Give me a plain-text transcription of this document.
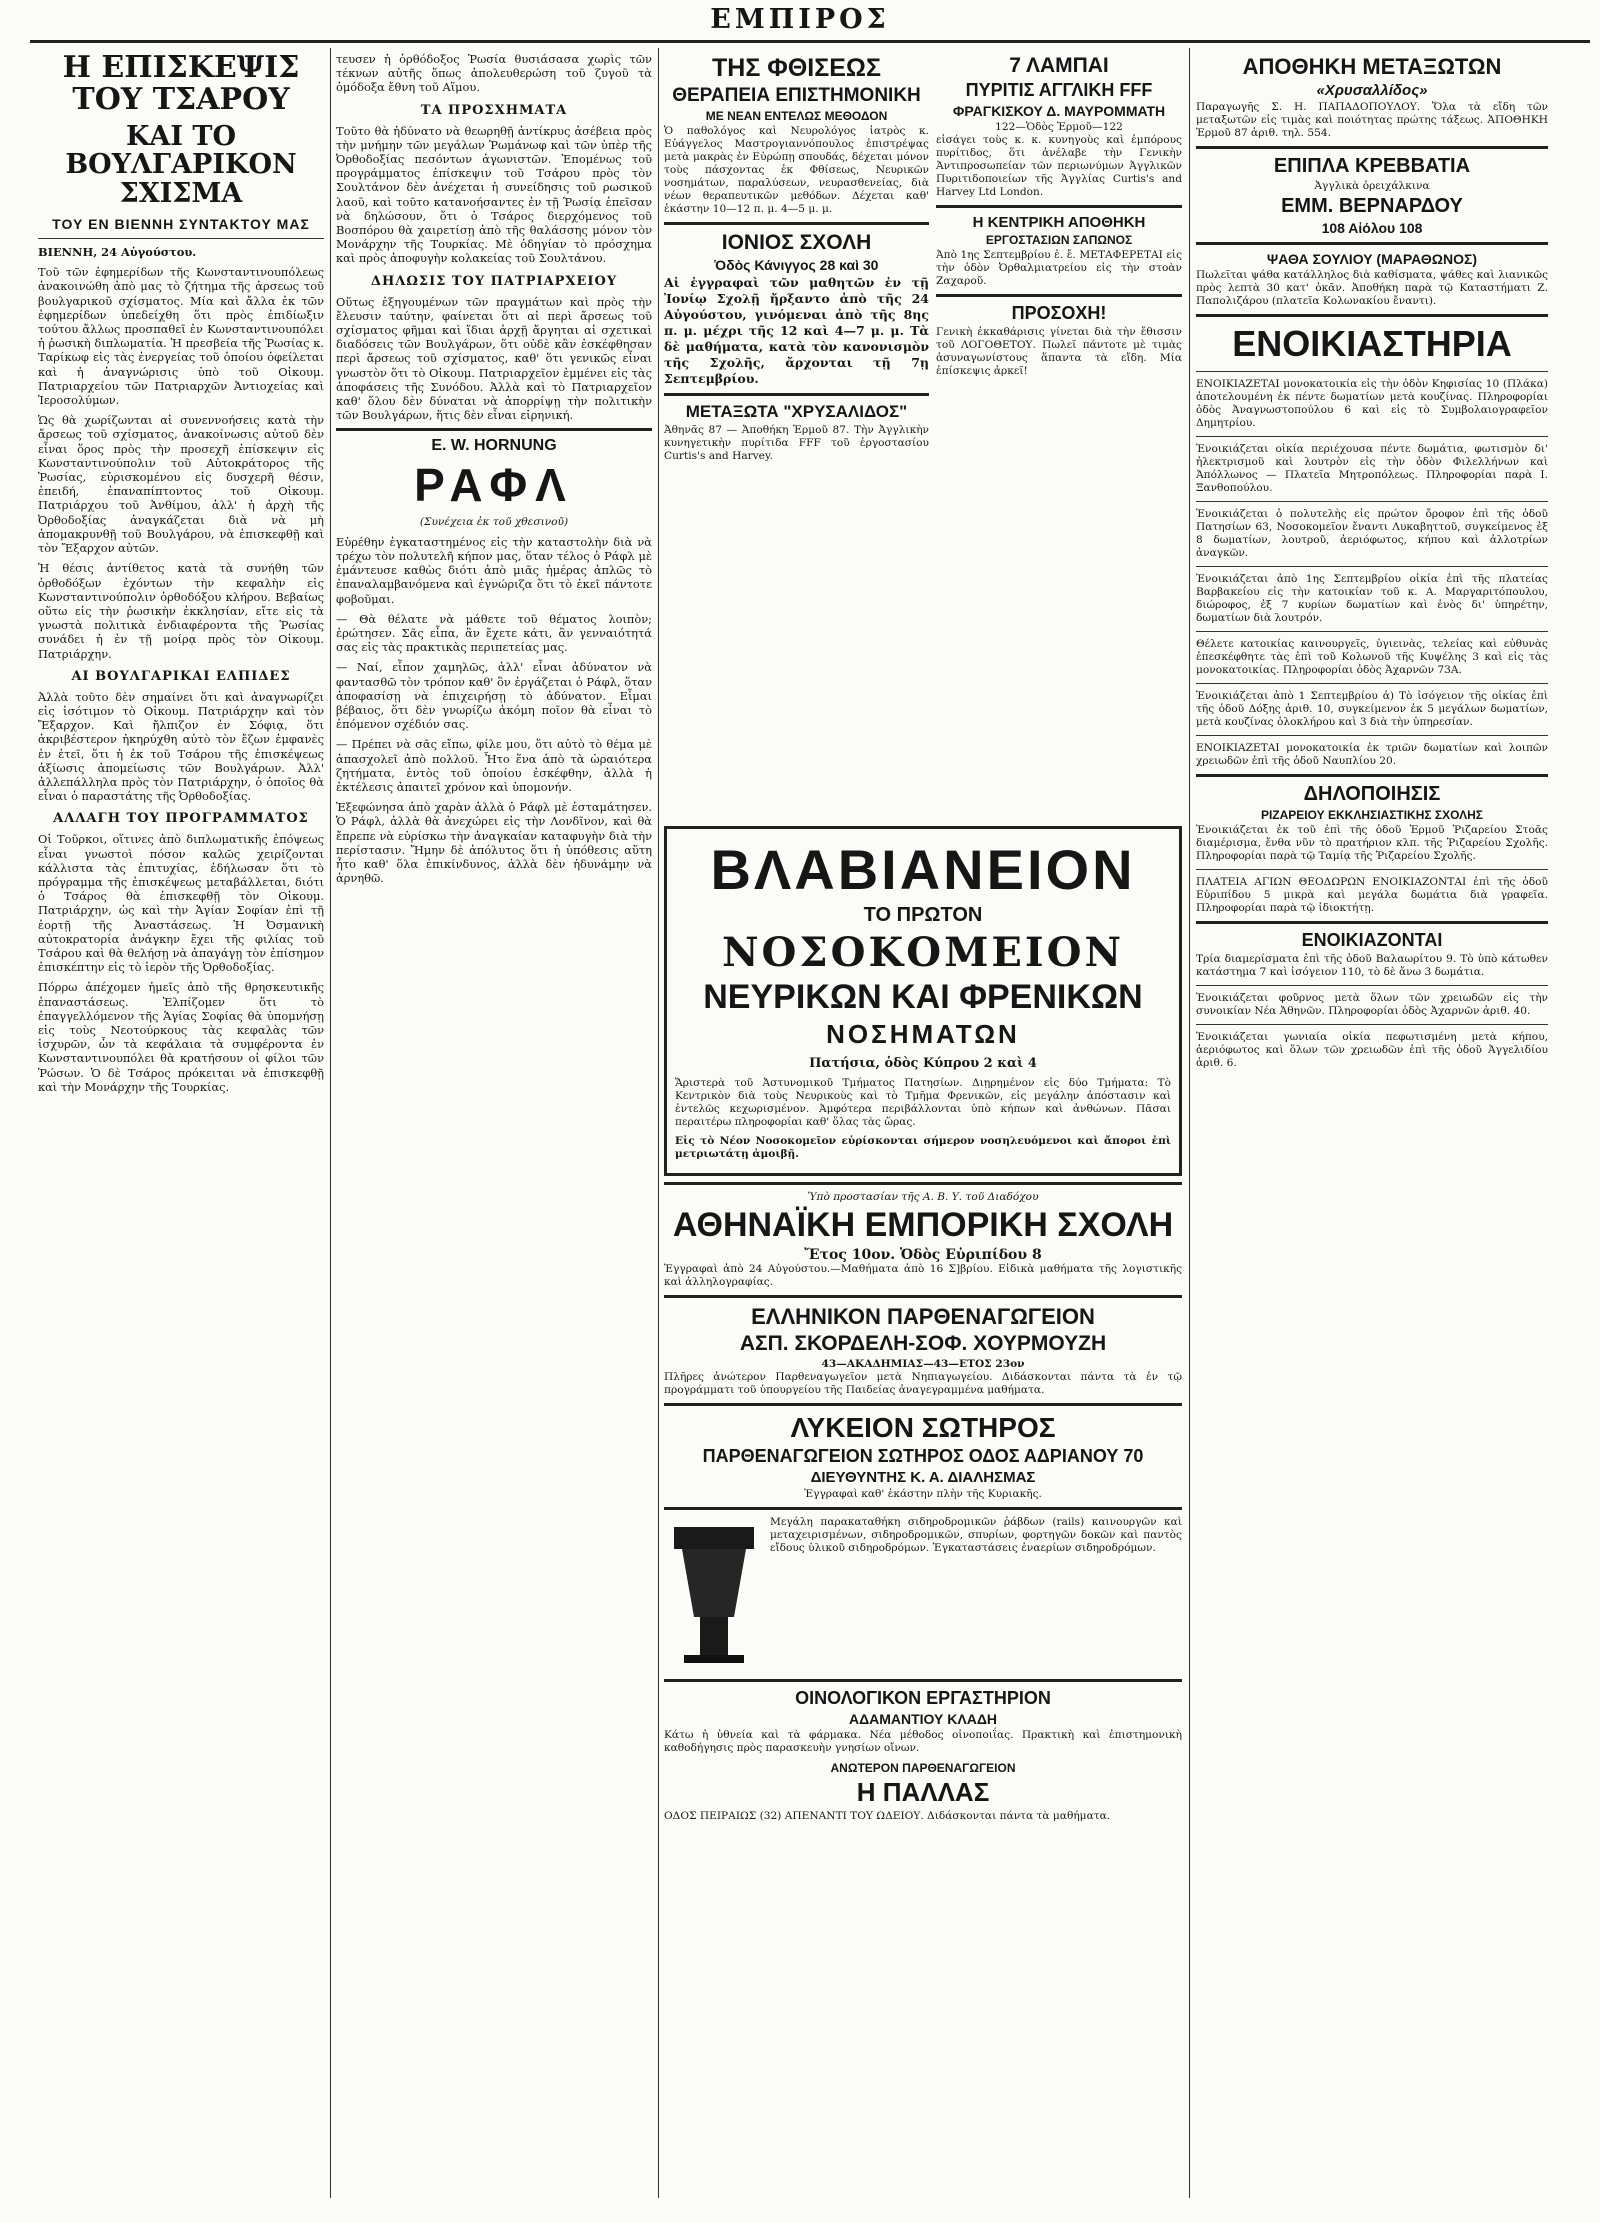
ΕΜΠΙΡΟΣ
Η ΕΠΙΣΚΕΨΙΣ ΤΟΥ ΤΣΑΡΟΥ
ΚΑΙ ΤΟ ΒΟΥΛΓΑΡΙΚΟΝ ΣΧΙΣΜΑ
ΤΟΥ ΕΝ ΒΙΕΝΝΗ ΣΥΝΤΑΚΤΟΥ ΜΑΣ

ΒΙΕΝΝΗ, 24 Αὐγούστου.

Τοῦ τῶν ἐφημερίδων τῆς Κωνσταντινουπόλεως ἀνακοινώθη ἀπὸ μας τὸ ζήτημα τῆς ἀρσεως τοῦ βουλγαρικοῦ σχίσματος. Μία καὶ ἄλλα ἐκ τῶν ἐφημερίδων ὑπεδείχθη ὅτι πρὸς ἐπιδίωξιν τούτου ἄλλως προσπαθεῖ ἐν Κωνσταντινουπόλει ἡ ῥωσικὴ διπλωματία. Ἡ πρεσβεία τῆς Ῥωσίας κ. Ταρίκωφ εἰς τὰς ἐνεργείας τοῦ ὁποίου ὀφείλεται καὶ ἡ ἀναγνώρισις ὑπὸ τοῦ Οἰκουμ. Πατριαρχείου τῶν Πατριαρχῶν Ἀντιοχείας καὶ Ἱεροσολύμων.

Ὡς θὰ χωρίζωνται αἱ συνεννοήσεις κατὰ τὴν ἄρσεως τοῦ σχίσματος, ἀνακοίνωσις αὐτοῦ δὲν εἶναι ὅρος πρὸς τὴν προσεχῆ ἐπίσκεψιν εἰς Κωνσταντινούπολιν τοῦ Αὐτοκράτορος τῆς Ῥωσίας, εὑρισκομένου εἰς δυσχερῆ θέσιν, ἐπειδή, ἐπαναπίπτοντος τοῦ Οἰκουμ. Πατριάρχου τοῦ Ἀνθίμου, ἀλλ' ἡ ἀρχὴ τῆς Ὀρθοδοξίας ἀναγκάζεται διὰ νὰ μὴ ἀπομακρυνθῇ τοῦ Βουλγάρου, νὰ ἐπισκεφθῇ καὶ τὸν Ἔξαρχον αὐτῶν.

Ἡ θέσις ἀντίθετος κατὰ τὰ συνήθη τῶν ὀρθοδόξων ἐχόντων τὴν κεφαλὴν εἰς Κωνσταντινούπολιν ὀρθοδόξου κλήρου. Βεβαίως οὕτω εἰς τὴν ῥωσικὴν ἐκκλησίαν, εἴτε εἰς τὰ γνωστὰ πολιτικὰ ἐνδιαφέροντα τῆς Ῥωσίας συνάδει ἡ ἐν τῇ μοίρᾳ πρὸς τὸν Οἰκουμ. Πατριάρχην.

ΑΙ ΒΟΥΛΓΑΡΙΚΑΙ ΕΛΠΙΔΕΣ

Ἀλλὰ τοῦτο δὲν σημαίνει ὅτι καὶ ἀναγνωρίζει εἰς ἰσότιμον τὸ Οἰκουμ. Πατριάρχην καὶ τὸν Ἔξαρχον. Καὶ ἤλπιζον ἐν Σόφιᾳ, ὅτι ἀκριβέστερον ἠκηρύχθη αὐτὸ τὸν ἔζων ἐμφανὲς ἐν ἐτεῖ, ὅτι ἡ ἐκ τοῦ Τσάρου τῆς ἐπισκέψεως ἀξίωσις ἀπομείωσις τῶν Βουλγάρων. Ἀλλ' ἀλλεπάλληλα πρὸς τὸν Πατριάρχην, ὁ ὁποῖος θὰ εἶναι ὁ παραστάτης τῆς Ὀρθοδοξίας.

ΑΛΛΑΓΗ ΤΟΥ ΠΡΟΓΡΑΜΜΑΤΟΣ

Οἱ Τοῦρκοι, οἵτινες ἀπὸ διπλωματικῆς ἐπόψεως εἶναι γνωστοὶ πόσον καλῶς χειρίζονται κάλλιστα τὰς ἐπιτυχίας, ἐδήλωσαν ὅτι τὸ πρόγραμμα τῆς ἐπισκέψεως μεταβάλλεται, διότι ὁ Τσάρος θὰ ἐπισκεφθῇ τὸν Οἰκουμ. Πατριάρχην, ὡς καὶ τὴν Ἁγίαν Σοφίαν ἐπὶ τῇ ἑορτῇ τῆς Ἀναστάσεως. Ἡ Ὀσμανικὴ αὐτοκρατορία ἀνάγκην ἔχει τῆς φιλίας τοῦ Τσάρου καὶ θὰ θελήσῃ νὰ ἀπαγάγῃ τὸν ἐπίσημον ἐπισκέπτην εἰς τὸ ἱερὸν τῆς Ὀρθοδοξίας.

Πόρρω ἀπέχομεν ἡμεῖς ἀπὸ τῆς θρησκευτικῆς ἐπαναστάσεως. Ἐλπίζομεν ὅτι τὸ ἐπαγγελλόμενον τῆς Ἁγίας Σοφίας θὰ ὑπομνήσῃ εἰς τοὺς Νεοτούρκους τὰς κεφαλὰς τῶν ἰσχυρῶν, ὧν τὰ κεφάλαια τὰ συμφέροντα ἐν Κωνσταντινουπόλει θὰ κρατήσουν οἱ φίλοι τῶν Ῥώσων. Ὁ δὲ Τσάρος πρόκειται νὰ ἐπισκεφθῇ καὶ τὴν Μονάρχην τῆς Τουρκίας.

τευσεν ἡ ὀρθόδοξος Ῥωσία θυσιάσασα χωρὶς τῶν τέκνων αὐτῆς ὅπως ἀπολευθερώση τοῦ ζυγοῦ τὰ ὁμόδοξα ἔθνη τοῦ Αἵμου.

ΤΑ ΠΡΟΣΧΗΜΑΤΑ

Τοῦτο θὰ ἠδύνατο νὰ θεωρηθῇ ἀντίκρυς ἀσέβεια πρὸς τὴν μνήμην τῶν μεγάλων Ῥωμάνωφ καὶ τῶν ὑπὲρ τῆς Ὀρθοδοξίας πεσόντων ἀγωνιστῶν. Ἐπομένως τοῦ προγράμματος ἐπίσκεψιν τοῦ Τσάρου πρὸς τὸν Σουλτάνον δὲν ἀνέχεται ἡ συνείδησις τοῦ ρωσικοῦ λαοῦ, καὶ τοῦτο κατανοήσαντες ἐν τῇ Ῥωσίᾳ ἐπεῖσαν νὰ δηλώσουν, ὅτι ὁ Τσάρος διερχόμενος τοῦ Βοσπόρου θὰ χαιρετίσῃ ἀπὸ τῆς θαλάσσης μόνον τὸν Μονάρχην τῆς Τουρκίας. Μὲ ὁδηγίαν τὸ πρόσχημα καὶ πρὸς ἀποφυγὴν κολακείας τοῦ Σουλτάνου.

ΔΗΛΩΣΙΣ ΤΟΥ ΠΑΤΡΙΑΡΧΕΙΟΥ

Οὕτως ἐξηγουμένων τῶν πραγμάτων καὶ πρὸς τὴν ἔλευσιν ταύτην, φαίνεται ὅτι αἱ περὶ ἄρσεως τοῦ σχίσματος φῆμαι καὶ ἴδιαι ἀρχῇ ἄργηται αἱ σχετικαὶ διαδόσεις τῶν Βουλγάρων, ὅτι οὐδὲ κἂν ἐσκέφθησαν περὶ ἄρσεως τοῦ σχίσματος, καθ' ὅτι γενικῶς εἶναι γνωστὸν ὅτι τὸ Οἰκουμ. Πατριαρχεῖον ἐμμένει εἰς τὰς ἀποφάσεις τῆς Συνόδου. Ἀλλὰ καὶ τὸ Πατριαρχεῖον καθ' ὅλου δὲν δύναται νὰ ἀπορρίψῃ τὴν πολιτικὴν τῶν Βουλγάρων, ἥτις δὲν εἶναι εἰρηνική.

E. W. HORNUNG
ΡΑΦΛ
(Συνέχεια ἐκ τοῦ χθεσινοῦ)

Εὑρέθην ἐγκαταστημένος εἰς τὴν καταστολὴν διὰ νὰ τρέχω τὸν πολυτελῆ κήπον μας, ὅταν τέλος ὁ Ράφλ μὲ ἐμάντευσε καθὼς διότι ἀπὸ μιᾶς ἡμέρας ἀπλῶς τὸ ἐπαναλαμβανόμενα καὶ ἐγνώριζα ὅτι τὸ ἐκεῖ πάντοτε φοβοῦμαι.

— Θὰ θέλατε νὰ μάθετε τοῦ θέματος λοιπὸν; ἐρώτησεν. Σᾶς εἶπα, ἂν ἔχετε κάτι, ἂν γενναιότητά σας εἰς τὰς πρακτικὰς περιπετείας μας.

— Ναί, εἶπον χαμηλῶς, ἀλλ' εἶναι ἀδύνατον νὰ φαντασθῶ τὸν τρόπον καθ' ὃν ἐργάζεται ὁ Ράφλ, ὅταν ἀποφασίσῃ νὰ ἐπιχειρήσῃ τὸ ἀδύνατον. Εἶμαι βέβαιος, ὅτι δὲν γνωρίζω ἀκόμη ποῖον θὰ εἶναι τὸ ἑπόμενον σχέδιόν σας.

— Πρέπει νὰ σᾶς εἴπω, φίλε μου, ὅτι αὐτὸ τὸ θέμα μὲ ἀπασχολεῖ ἀπὸ πολλοῦ. Ἦτο ἕνα ἀπὸ τὰ ὡραιότερα ζητήματα, ἐντὸς τοῦ ὁποίου ἐσκέφθην, ἀλλὰ ἡ ἐκτέλεσις ἀπαιτεῖ χρόνον καὶ ὑπομονήν.

Ἐξεφώνησα ἀπὸ χαρὰν ἀλλὰ ὁ Ράφλ μὲ ἐσταμάτησεν. Ὁ Ράφλ, ἀλλὰ θὰ ἀνεχώρει εἰς τὴν Λονδῖνον, καὶ θὰ ἔπρεπε νὰ εὑρίσκω τὴν ἀναγκαίαν καταφυγὴν διὰ τὴν περίστασιν. Ἤμην δὲ ἀπόλυτος ὅτι ἡ ὑπόθεσις αὕτη ἦτο καθ' ὅλα ἐπικίνδυνος, ἀλλὰ δὲν ἠδυνάμην νὰ ἀρνηθῶ.

ΤΗΣ ΦΘΙΣΕΩΣ
ΘΕΡΑΠΕΙΑ ΕΠΙΣΤΗΜΟΝΙΚΗ
ΜΕ ΝΕΑΝ ΕΝΤΕΛΩΣ ΜΕΘΟΔΟΝ

Ὁ παθολόγος καὶ Νευρολόγος ἰατρὸς κ. Εὐάγγελος Μαστρογιαννόπουλος ἐπιστρέψας μετὰ μακρὰς ἐν Εὐρώπῃ σπουδάς, δέχεται μόνον τοὺς πάσχοντας ἐκ Φθίσεως, Νευρικῶν νοσημάτων, παραλύσεων, νευρασθενείας, διὰ νέων θεραπευτικῶν μεθόδων. Δέχεται καθ' ἑκάστην 10—12 π. μ. 4—5 μ. μ.

ΙΟΝΙΟΣ ΣΧΟΛΗ
Ὁδὸς Κάνιγγος 28 καὶ 30

Αἱ ἐγγραφαὶ τῶν μαθητῶν ἐν τῇ Ἰονίῳ Σχολῇ ἤρξαντο ἀπὸ τῆς 24 Αὐγούστου, γινόμεναι ἀπὸ τῆς 8ης π. μ. μέχρι τῆς 12 καὶ 4—7 μ. μ. Τὰ δὲ μαθήματα, κατὰ τὸν κανονισμὸν τῆς Σχολῆς, ἄρχονται τῇ 7ῃ Σεπτεμβρίου.

ΜΕΤΑΞΩΤΑ "ΧΡΥΣΑΛΙΔΟΣ"

Ἀθηνᾶς 87 — Ἀποθήκη Ἑρμοῦ 87. Τὴν Ἀγγλικὴν κυνηγετικὴν πυρίτιδα FFF τοῦ ἐργοστασίου Curtis's and Harvey.

7 ΛΑΜΠΑΙ
ΠΥΡΙΤΙΣ ΑΓΓΛΙΚΗ FFF
ΦΡΑΓΚΙΣΚΟΥ Δ. ΜΑΥΡΟΜΜΑΤΗ
122—Ὁδὸς Ἑρμοῦ—122

εἰσάγει τοὺς κ. κ. κυνηγοὺς καὶ ἐμπόρους πυρίτιδος, ὅτι ἀνέλαβε τὴν Γενικὴν Ἀντιπροσωπείαν τῶν περιωνύμων Ἀγγλικῶν Πυριτιδοποιείων τῆς Ἀγγλίας Curtis's and Harvey Ltd London.

Η ΚΕΝΤΡΙΚΗ ΑΠΟΘΗΚΗ
ΕΡΓΟΣΤΑΣΙΩΝ ΣΑΠΩΝΟΣ

Ἀπὸ 1ης Σεπτεμβρίου ἐ. ἔ. ΜΕΤΑΦΕΡΕΤΑΙ εἰς τὴν ὁδὸν Ὀρθαλμιατρείου εἰς τὴν στοὰν Ζαχαροῦ.

ΠΡΟΣΟΧΗ!

Γενικὴ ἐκκαθάρισις γίνεται διὰ τὴν ἔθισσιν τοῦ ΛΟΓΟΘΕΤΟΥ. Πωλεῖ πάντοτε μὲ τιμὰς ἀσυναγωνίστους ἅπαντα τὰ εἴδη. Μία ἐπίσκεψις ἀρκεῖ!

ΒΛΑΒΙΑΝΕΙΟΝ
ΤΟ ΠΡΩΤΟΝ
ΝΟΣΟΚΟΜΕΙΟΝ
ΝΕΥΡΙΚΩΝ ΚΑΙ ΦΡΕΝΙΚΩΝ
ΝΟΣΗΜΑΤΩΝ
Πατήσια, ὁδὸς Κύπρου 2 καὶ 4

Ἄριστερὰ τοῦ Ἀστυνομικοῦ Τμήματος Πατησίων. Διῃρημένον εἰς δύο Τμήματα: Τὸ Κεντρικὸν διὰ τοὺς Νευρικοὺς καὶ τὸ Τμῆμα Φρενικῶν, εἰς μεγάλην ἀπόστασιν καὶ ἐντελῶς κεχωρισμένον. Ἀμφότερα περιβάλλονται ὑπὸ κήπων καὶ ἀνθώνων. Πᾶσαι περαιτέρω πληροφορίαι καθ' ὅλας τὰς ὥρας.

Εἰς τὸ Νέον Νοσοκομεῖον εὑρίσκονται σήμερον νοσηλευόμενοι καὶ ἄποροι ἐπὶ μετριωτάτῃ ἀμοιβῇ.

Ὑπὸ προστασίαν τῆς Α. Β. Υ. τοῦ Διαδόχου
ΑΘΗΝΑΪΚΗ ΕΜΠΟΡΙΚΗ ΣΧΟΛΗ
Ἔτος 10ον. Ὁδὸς Εὐριπίδου 8

Ἐγγραφαὶ ἀπὸ 24 Αὐγούστου.—Μαθήματα ἀπὸ 16 Σ]βρίου. Εἰδικὰ μαθήματα τῆς λογιστικῆς καὶ ἀλληλογραφίας.

ΕΛΛΗΝΙΚΟΝ ΠΑΡΘΕΝΑΓΩΓΕΙΟΝ
ΑΣΠ. ΣΚΟΡΔΕΛΗ-ΣΟΦ. ΧΟΥΡΜΟΥΖΗ
43—ΑΚΑΔΗΜΙΑΣ—43—ΕΤΟΣ 23ον

Πλῆρες ἀνώτερον Παρθεναγωγεῖον μετὰ Νηπιαγωγείου. Διδάσκονται πάντα τὰ ἐν τῷ προγράμματι τοῦ ὑπουργείου τῆς Παιδείας ἀναγεγραμμένα μαθήματα.

ΛΥΚΕΙΟΝ ΣΩΤΗΡΟΣ
ΠΑΡΘΕΝΑΓΩΓΕΙΟΝ ΣΩΤΗΡΟΣ ΟΔΟΣ ΑΔΡΙΑΝΟΥ 70
ΔΙΕΥΘΥΝΤΗΣ Κ. Α. ΔΙΑΛΗΣΜΑΣ
Ἐγγραφαὶ καθ' ἑκάστην πλὴν τῆς Κυριακῆς.

Μεγάλη παρακαταθήκη σιδηροδρομικῶν ῥάβδων (rails) καινουργῶν καὶ μεταχειρισμένων, σιδηροδρομικῶν, σπυρίων, φορτηγῶν δοκῶν καὶ παντὸς εἴδους ὑλικοῦ σιδηροδρόμων. Ἐγκαταστάσεις ἐναερίων σιδηροδρόμων.

ΟΙΝΟΛΟΓΙΚΟΝ ΕΡΓΑΣΤΗΡΙΟΝ
ΑΔΑΜΑΝΤΙΟΥ ΚΛΑΔΗ

Κάτω ἡ ὑθνεία καὶ τὰ φάρμακα. Νέα μέθοδος οἰνοποιΐας. Πρακτικὴ καὶ ἐπιστημονικὴ καθοδήγησις πρὸς παρασκευὴν γνησίων οἴνων.

ΑΝΩΤΕΡΟΝ ΠΑΡΘΕΝΑΓΩΓΕΙΟΝ
Η ΠΑΛΛΑΣ

ΟΔΟΣ ΠΕΙΡΑΙΩΣ (32) ΑΠΕΝΑΝΤΙ ΤΟΥ ΩΔΕΙΟΥ. Διδάσκονται πάντα τὰ μαθήματα.

ΑΠΟΘΗΚΗ ΜΕΤΑΞΩΤΩΝ
«Χρυσαλλίδος»

Παραγωγῆς Σ. Η. ΠΑΠΑΔΟΠΟΥΛΟΥ. Ὅλα τὰ εἴδη τῶν μεταξωτῶν εἰς τιμὰς καὶ ποιότητας πρώτης τάξεως. ἈΠΟΘΗΚΗ Ἑρμοῦ 87 ἀριθ. τηλ. 554.

ΕΠΙΠΛΑ ΚΡΕΒΒΑΤΙΑ
Ἀγγλικὰ ὀρειχάλκινα
ΕΜΜ. ΒΕΡΝΑΡΔΟΥ
108 Αἰόλου 108
ΨΑΘΑ ΣΟΥΛΙΟΥ (ΜΑΡΑΘΩΝΟΣ)

Πωλεῖται ψάθα κατάλληλος διὰ καθίσματα, ψάθες καὶ λιανικῶς πρὸς λεπτὰ 30 κατ' ὀκᾶν. Ἀποθήκη παρὰ τῷ Καταστήματι Ζ. Παπολιζάρου (πλατεῖα Κολωνακίου ἔναντι).

ΕΝΟΙΚΙΑΣΤΗΡΙΑ

ΕΝΟΙΚΙΑΖΕΤΑΙ μονοκατοικία εἰς τὴν ὁδὸν Κηφισίας 10 (Πλάκα) ἀποτελουμένη ἐκ πέντε δωματίων μετὰ κουζίνας. Πληροφορίαι ὁδὸς Ἀναγνωστοπούλου 6 καὶ εἰς τὸ Συμβολαιογραφεῖον Δημητρίου.

Ἐνοικιάζεται οἰκία περιέχουσα πέντε δωμάτια, φωτισμὸν δι' ἠλεκτρισμοῦ καὶ λουτρὸν εἰς τὴν ὁδὸν Φιλελλήνων καὶ Ἀπόλλωνος — Πλατεῖα Μητροπόλεως. Πληροφορίαι παρὰ Ι. Ξανθοπούλου.

Ἐνοικιάζεται ὁ πολυτελὴς εἰς πρώτον ὄροφον ἐπὶ τῆς ὁδοῦ Πατησίων 63, Νοσοκομεῖον ἔναντι Λυκαβηττοῦ, συγκείμενος ἐξ 8 δωματίων, λουτροῦ, ἀεριόφωτος, κήπου καὶ ἀλλοτρίων ἀναγκῶν.

Ἐνοικιάζεται ἀπὸ 1ης Σεπτεμβρίου οἰκία ἐπὶ τῆς πλατείας Βαρβακείου εἰς τὴν κατοικίαν τοῦ κ. Α. Μαργαριτόπουλου, διώροφος, ἐξ 7 κυρίων δωματίων καὶ ἑνὸς δι' ὑπηρέτην, δωματίων διὰ λουτρόν.

Θέλετε κατοικίας καινουργεῖς, ὑγιεινὰς, τελείας καὶ εὐθυνὰς ἐπεσκέφθητε τὰς ἐπὶ τοῦ Κολωνοῦ τῆς Κυψέλης 3 καὶ εἰς τὰς μονοκατοικίας. Πληροφορίαι ὁδὸς Ἀχαρνῶν 73Α.

Ἐνοικιάζεται ἀπὸ 1 Σεπτεμβρίου ἀ) Τὸ ἰσόγειον τῆς οἰκίας ἐπὶ τῆς ὁδοῦ Δόξης ἀριθ. 10, συγκείμενον ἐκ 5 μεγάλων δωματίων, μετὰ κουζίνας ὁλοκλήρου καὶ 3 διὰ τὴν ὑπηρεσίαν.

ΕΝΟΙΚΙΑΖΕΤΑΙ μονοκατοικία ἐκ τριῶν δωματίων καὶ λοιπῶν χρειωδῶν ἐπὶ τῆς ὁδοῦ Ναυπλίου 20.

ΔΗΛΟΠΟΙΗΣΙΣ
ΡΙΖΑΡΕΙΟΥ ΕΚΚΛΗΣΙΑΣΤΙΚΗΣ ΣΧΟΛΗΣ

Ἐνοικιάζεται ἐκ τοῦ ἐπὶ τῆς ὁδοῦ Ἑρμοῦ Ῥιζαρείου Στοᾶς διαμέρισμα, ἔνθα νῦν τὸ πρατήριον κλπ. τῆς Ῥιζαρείου Σχολῆς. Πληροφορίαι παρὰ τῷ Ταμίᾳ τῆς Ῥιζαρείου Σχολῆς.

ΠΛΑΤΕΙΑ ΑΓΙΩΝ ΘΕΟΔΩΡΩΝ ΕΝΟΙΚΙΑΖΟΝΤΑΙ ἐπὶ τῆς ὁδοῦ Εὐριπίδου 5 μικρὰ καὶ μεγάλα δωμάτια διὰ γραφεῖα. Πληροφορίαι παρὰ τῷ ἰδιοκτήτῃ.

ΕΝΟΙΚΙΑΖΟΝΤΑΙ

Τρία διαμερίσματα ἐπὶ τῆς ὁδοῦ Βαλαωρίτου 9. Τὸ ὑπὸ κάτωθεν κατάστημα 7 καὶ ἰσόγειον 110, τὸ δὲ ἄνω 3 δωμάτια.

Ἐνοικιάζεται φοῦρνος μετὰ ὅλων τῶν χρειωδῶν εἰς τὴν συνοικίαν Νέα Ἀθηνῶν. Πληροφορίαι ὁδὸς Ἀχαρνῶν ἀριθ. 40.

Ἐνοικιάζεται γωνιαία οἰκία πεφωτισμένη μετὰ κήπου, ἀεριόφωτος καὶ ὅλων τῶν χρειωδῶν ἐπὶ τῆς ὁδοῦ Ἀγγελιδίου ἀριθ. 6.
